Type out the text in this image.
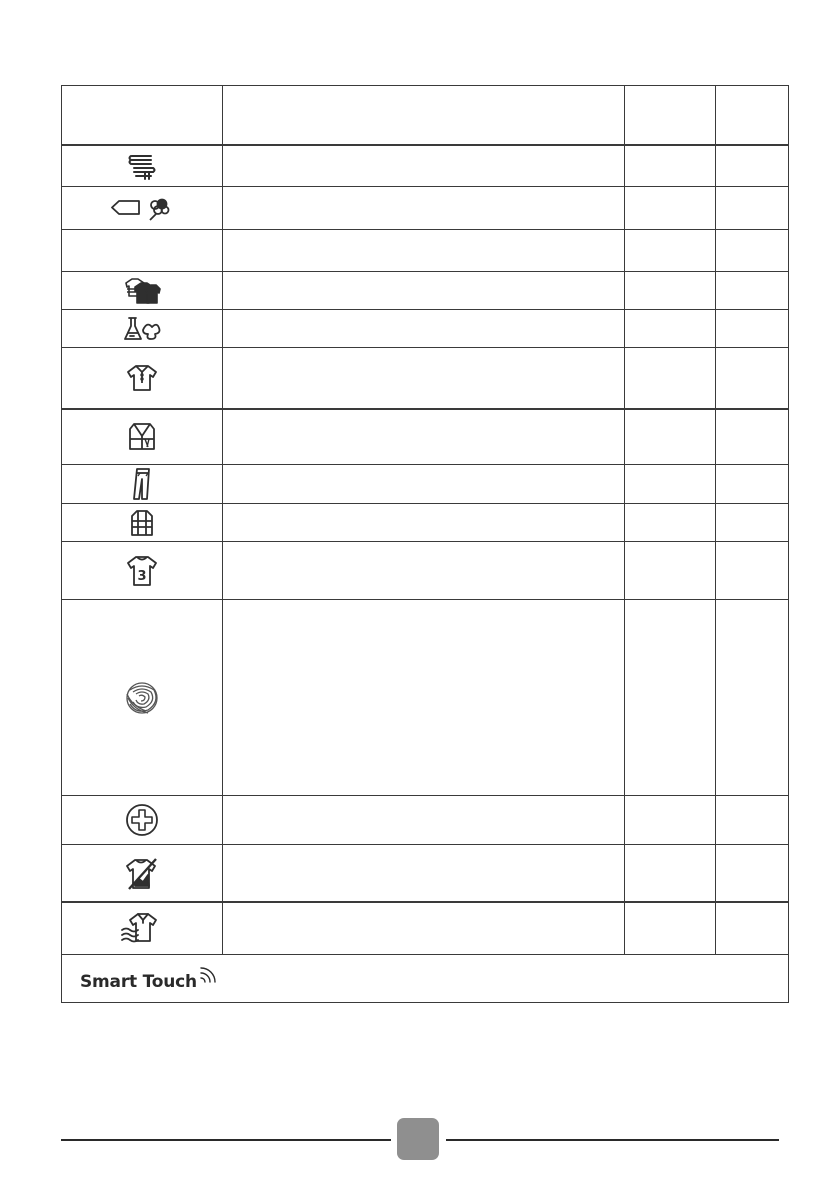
3			

Smart Touch			
